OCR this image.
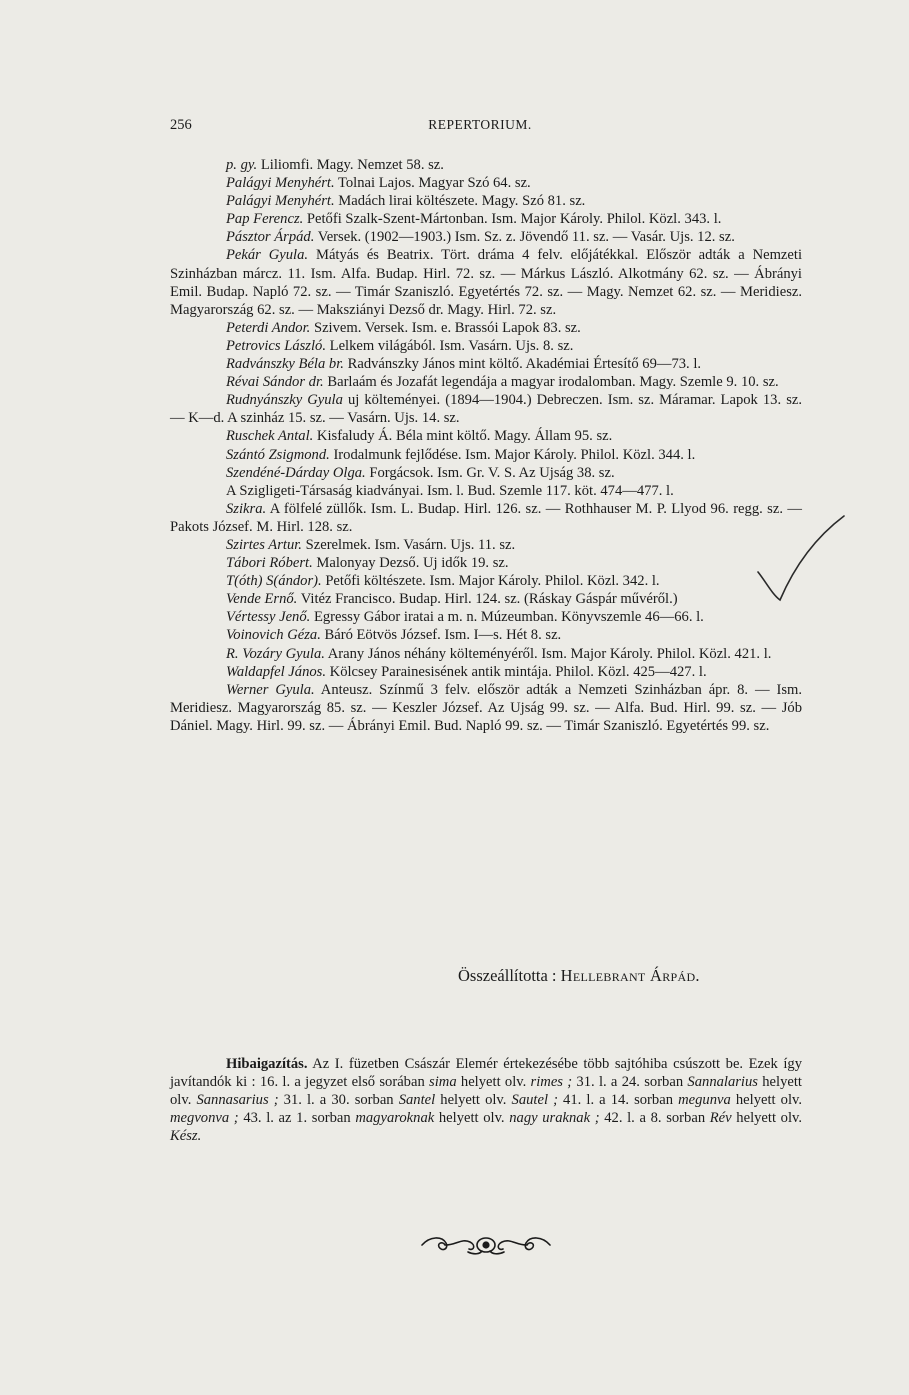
256	REPERTORIUM.

p. gy. Liliomfi. Magy. Nemzet 58. sz.

Palágyi Menyhért. Tolnai Lajos. Magyar Szó 64. sz.

Palágyi Menyhért. Madách lirai költészete. Magy. Szó 81. sz.

Pap Ferencz. Petőfi Szalk-Szent-Mártonban. Ism. Major Károly. Philol. Közl. 343. l.

Pásztor Árpád. Versek. (1902—1903.) Ism. Sz. z. Jövendő 11. sz. — Vasár. Ujs. 12. sz.

Pekár Gyula. Mátyás és Beatrix. Tört. dráma 4 felv. előjátékkal. Először adták a Nemzeti Szinházban márcz. 11. Ism. Alfa. Budap. Hirl. 72. sz. — Márkus László. Alkotmány 62. sz. — Ábrányi Emil. Budap. Napló 72. sz. — Timár Szaniszló. Egyetértés 72. sz. — Magy. Nemzet 62. sz. — Meridiesz. Magyarország 62. sz. — Maksziányi Dezső dr. Magy. Hirl. 72. sz.

Peterdi Andor. Szivem. Versek. Ism. e. Brassói Lapok 83. sz.

Petrovics László. Lelkem világából. Ism. Vasárn. Ujs. 8. sz.

Radvánszky Béla br. Radvánszky János mint költő. Akadémiai Értesítő 69—73. l.

Révai Sándor dr. Barlaám és Jozafát legendája a magyar irodalomban. Magy. Szemle 9. 10. sz.

Rudnyánszky Gyula uj költeményei. (1894—1904.) Debreczen. Ism. sz. Máramar. Lapok 13. sz. — K—d. A szinház 15. sz. — Vasárn. Ujs. 14. sz.

Ruschek Antal. Kisfaludy Á. Béla mint költő. Magy. Állam 95. sz.

Szántó Zsigmond. Irodalmunk fejlődése. Ism. Major Károly. Philol. Közl. 344. l.

Szendéné-Dárday Olga. Forgácsok. Ism. Gr. V. S. Az Ujság 38. sz.

A Szigligeti-Társaság kiadványai. Ism. l. Bud. Szemle 117. köt. 474—477. l.

Szikra. A fölfelé züllők. Ism. L. Budap. Hirl. 126. sz. — Rothhauser M. P. Llyod 96. regg. sz. — Pakots József. M. Hirl. 128. sz.

Szirtes Artur. Szerelmek. Ism. Vasárn. Ujs. 11. sz.

Tábori Róbert. Malonyay Dezső. Uj idők 19. sz.

T(óth) S(ándor). Petőfi költészete. Ism. Major Károly. Philol. Közl. 342. l.

Vende Ernő. Vitéz Francisco. Budap. Hirl. 124. sz. (Ráskay Gáspár művéről.)

Vértessy Jenő. Egressy Gábor iratai a m. n. Múzeumban. Könyvszemle 46—66. l.

Voinovich Géza. Báró Eötvös József. Ism. I—s. Hét 8. sz.

R. Vozáry Gyula. Arany János néhány költeményéről. Ism. Major Károly. Philol. Közl. 421. l.

Waldapfel János. Kölcsey Parainesisének antik mintája. Philol. Közl. 425—427. l.

Werner Gyula. Anteusz. Színmű 3 felv. először adták a Nemzeti Szinházban ápr. 8. — Ism. Meridiesz. Magyarország 85. sz. — Keszler József. Az Ujság 99. sz. — Alfa. Bud. Hirl. 99. sz. — Jób Dániel. Magy. Hirl. 99. sz. — Ábrányi Emil. Bud. Napló 99. sz. — Timár Szaniszló. Egyetértés 99. sz.

Összeállította : Hellebrant Árpád.

Hibaigazítás. Az I. füzetben Császár Elemér értekezésébe több sajtóhiba csúszott be. Ezek így javítandók ki : 16. l. a jegyzet első sorában sima helyett olv. rimes ; 31. l. a 24. sorban Sannalarius helyett olv. Sannasarius ; 31. l. a 30. sorban Santel helyett olv. Sautel ; 41. l. a 14. sorban megunva helyett olv. megvonva ; 43. l. az 1. sorban magyaroknak helyett olv. nagy uraknak ; 42. l. a 8. sorban Rév helyett olv. Kész.
